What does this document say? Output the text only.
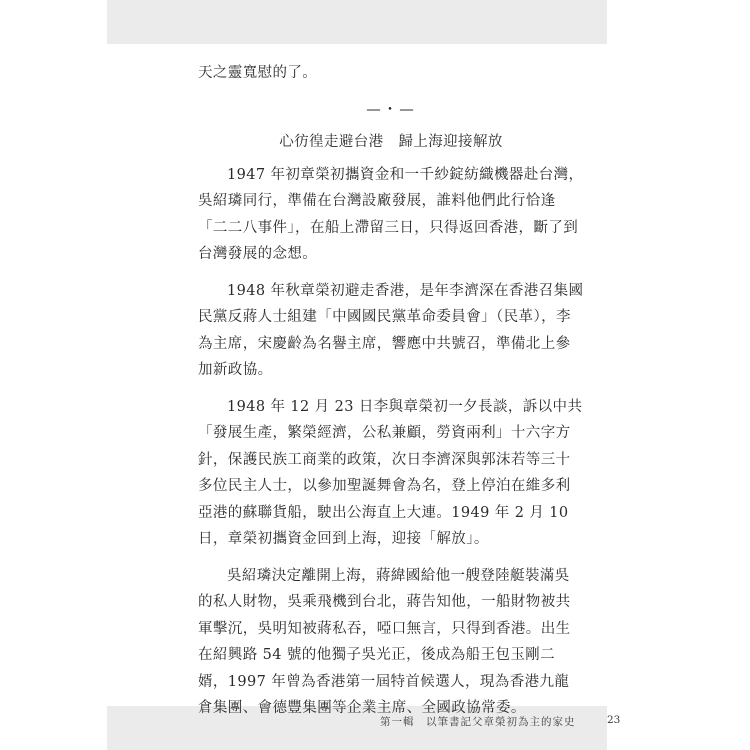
天之靈寬慰的了。

—・—
心彷徨走避台港　歸上海迎接解放

1947 年初章榮初攜資金和一千紗錠紡織機器赴台灣，吳紹璘同行，準備在台灣設廠發展，誰料他們此行恰逢「二二八事件」，在船上滯留三日，只得返回香港，斷了到台灣發展的念想。

1948 年秋章榮初避走香港，是年李濟深在香港召集國民黨反蔣人士組建「中國國民黨革命委員會」（民革），李為主席，宋慶齡為名譽主席，響應中共號召，準備北上參加新政協。

1948 年 12 月 23 日李與章榮初一夕長談，訴以中共「發展生產，繁榮經濟，公私兼顧，勞資兩利」十六字方針，保護民族工商業的政策，次日李濟深與郭沫若等三十多位民主人士，以參加聖誕舞會為名，登上停泊在維多利亞港的蘇聯貨船，駛出公海直上大連。1949 年 2 月 10 日，章榮初攜資金回到上海，迎接「解放」。

吳紹璘決定離開上海，蔣緯國給他一艘登陸艇裝滿吳的私人財物，吳乘飛機到台北，蔣告知他，一船財物被共軍擊沉，吳明知被蔣私吞，啞口無言，只得到香港。出生在紹興路 54 號的他獨子吳光正，後成為船王包玉剛二婿，1997 年曾為香港第一屆特首候選人，現為香港九龍倉集團、會德豐集團等企業主席、全國政協常委。

第一輯　以筆書記父章榮初為主的家史	23
